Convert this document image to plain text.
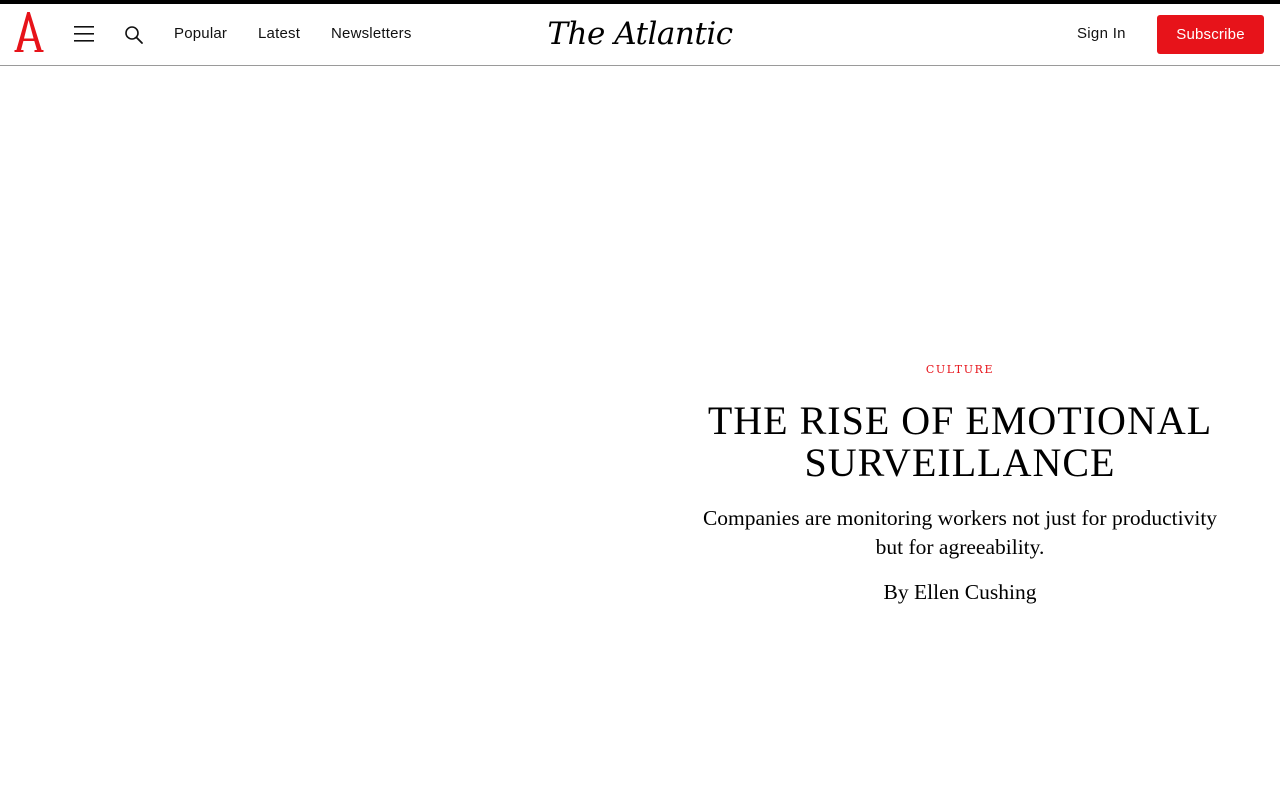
Popular Latest Newsletters	The Atlantic	Sign In	Subscribe
CULTURE
THE RISE OF EMOTIONAL SURVEILLANCE
Companies are monitoring workers not just for productivity but for agreeability.
By Ellen Cushing
